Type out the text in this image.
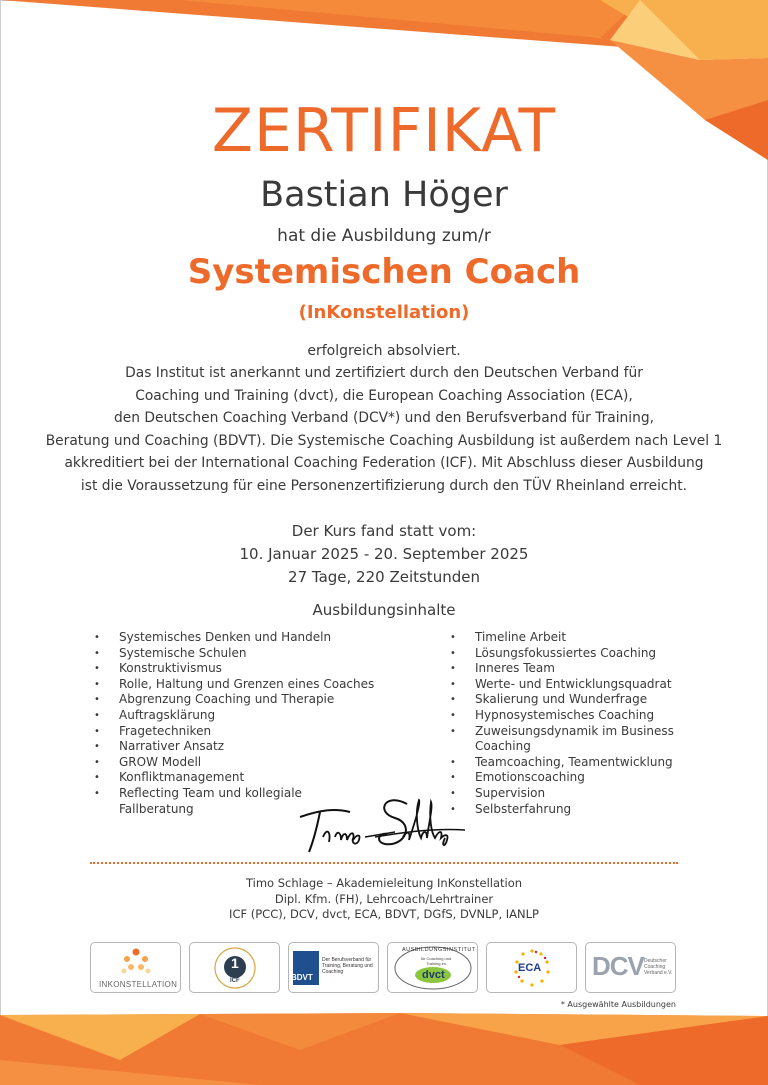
ZERTIFIKAT
Bastian Höger
hat die Ausbildung zum/r
Systemischen Coach
(InKonstellation)
erfolgreich absolviert.
Das Institut ist anerkannt und zertifiziert durch den Deutschen Verband für
Coaching und Training (dvct), die European Coaching Association (ECA),
den Deutschen Coaching Verband (DCV*) und den Berufsverband für Training,
Beratung und Coaching (BDVT). Die Systemische Coaching Ausbildung ist außerdem nach Level 1
akkreditiert bei der International Coaching Federation (ICF). Mit Abschluss dieser Ausbildung
ist die Voraussetzung für eine Personenzertifizierung durch den TÜV Rheinland erreicht.
Der Kurs fand statt vom:
10. Januar 2025 - 20. September 2025
27 Tage, 220 Zeitstunden
Ausbildungsinhalte
• Systemisches Denken und Handeln
• Systemische Schulen
• Konstruktivismus
• Rolle, Haltung und Grenzen eines Coaches
• Abgrenzung Coaching und Therapie
• Auftragsklärung
• Fragetechniken
• Narrativer Ansatz
• GROW Modell
• Konfliktmanagement
• Reflecting Team und kollegiale Fallberatung
• Timeline Arbeit
• Lösungsfokussiertes Coaching
• Inneres Team
• Werte- und Entwicklungsquadrat
• Skalierung und Wunderfrage
• Hypnosystemisches Coaching
• Zuweisungsdynamik im Business Coaching
• Teamcoaching, Teamentwicklung
• Emotionscoaching
• Supervision
• Selbsterfahrung
Timo Schlage – Akademieleitung InKonstellation
Dipl. Kfm. (FH), Lehrcoach/Lehrtrainer
ICF (PCC), DCV, dvct, ECA, BDVT, DGfS, DVNLP, IANLP
INKONSTELLATION
1
ICF	BDVT
Der Berufsverband für Training, Beratung und Coaching
AUSBILDUNGSINSTITUT
für Coaching und Training im
dvct
ECA DCV Deutscher Coaching Verband e.V.
* Ausgewählte Ausbildungen
